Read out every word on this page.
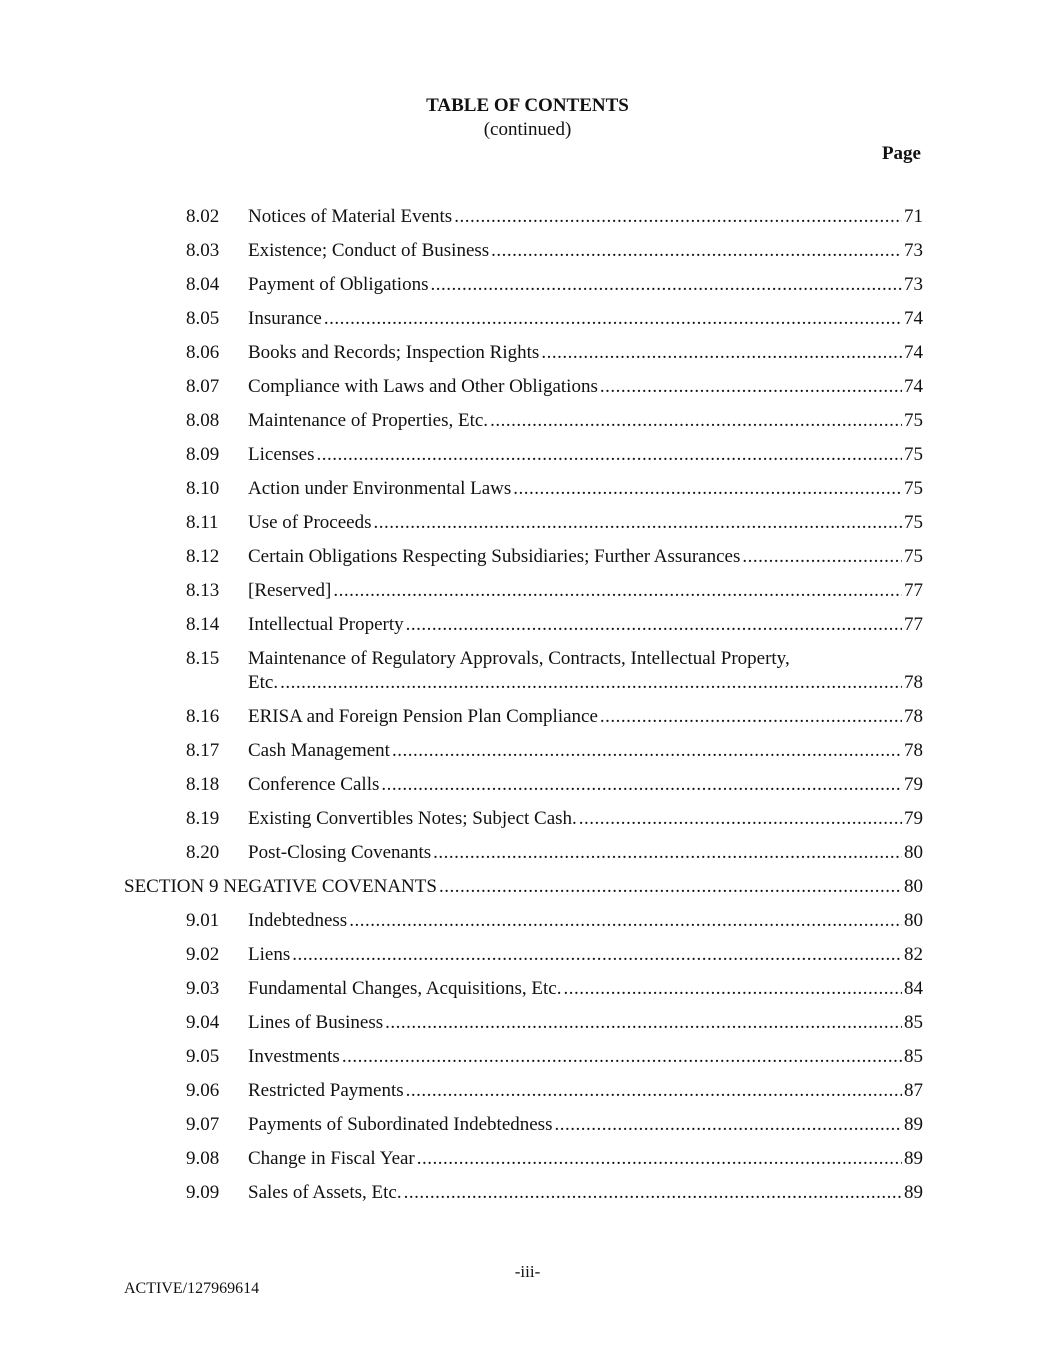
TABLE OF CONTENTS
(continued)
Page
8.02 Notices of Material Events .....	71
8.03 Existence; Conduct of Business .....	73
8.04 Payment of Obligations .....	73
8.05 Insurance .....	74
8.06 Books and Records; Inspection Rights .....	74
8.07 Compliance with Laws and Other Obligations .....	74
8.08 Maintenance of Properties, Etc. .....	75
8.09 Licenses .....	75
8.10 Action under Environmental Laws .....	75
8.11 Use of Proceeds .....	75
8.12 Certain Obligations Respecting Subsidiaries; Further Assurances .....	75
8.13 [Reserved] .....	77
8.14 Intellectual Property .....	77
8.15 Maintenance of Regulatory Approvals, Contracts, Intellectual Property,
Etc. .....	78
8.16 ERISA and Foreign Pension Plan Compliance .....	78
8.17 Cash Management .....	78
8.18 Conference Calls .....	79
8.19 Existing Convertibles Notes; Subject Cash. .....	79
8.20 Post-Closing Covenants .....	80
SECTION 9 NEGATIVE COVENANTS .....	80
9.01 Indebtedness .....	80
9.02 Liens .....	82
9.03 Fundamental Changes, Acquisitions, Etc. .....	84
9.04 Lines of Business .....	85
9.05 Investments .....	85
9.06 Restricted Payments .....	87
9.07 Payments of Subordinated Indebtedness .....	89
9.08 Change in Fiscal Year .....	89
9.09 Sales of Assets, Etc. .....	89
-iii-
ACTIVE/127969614
